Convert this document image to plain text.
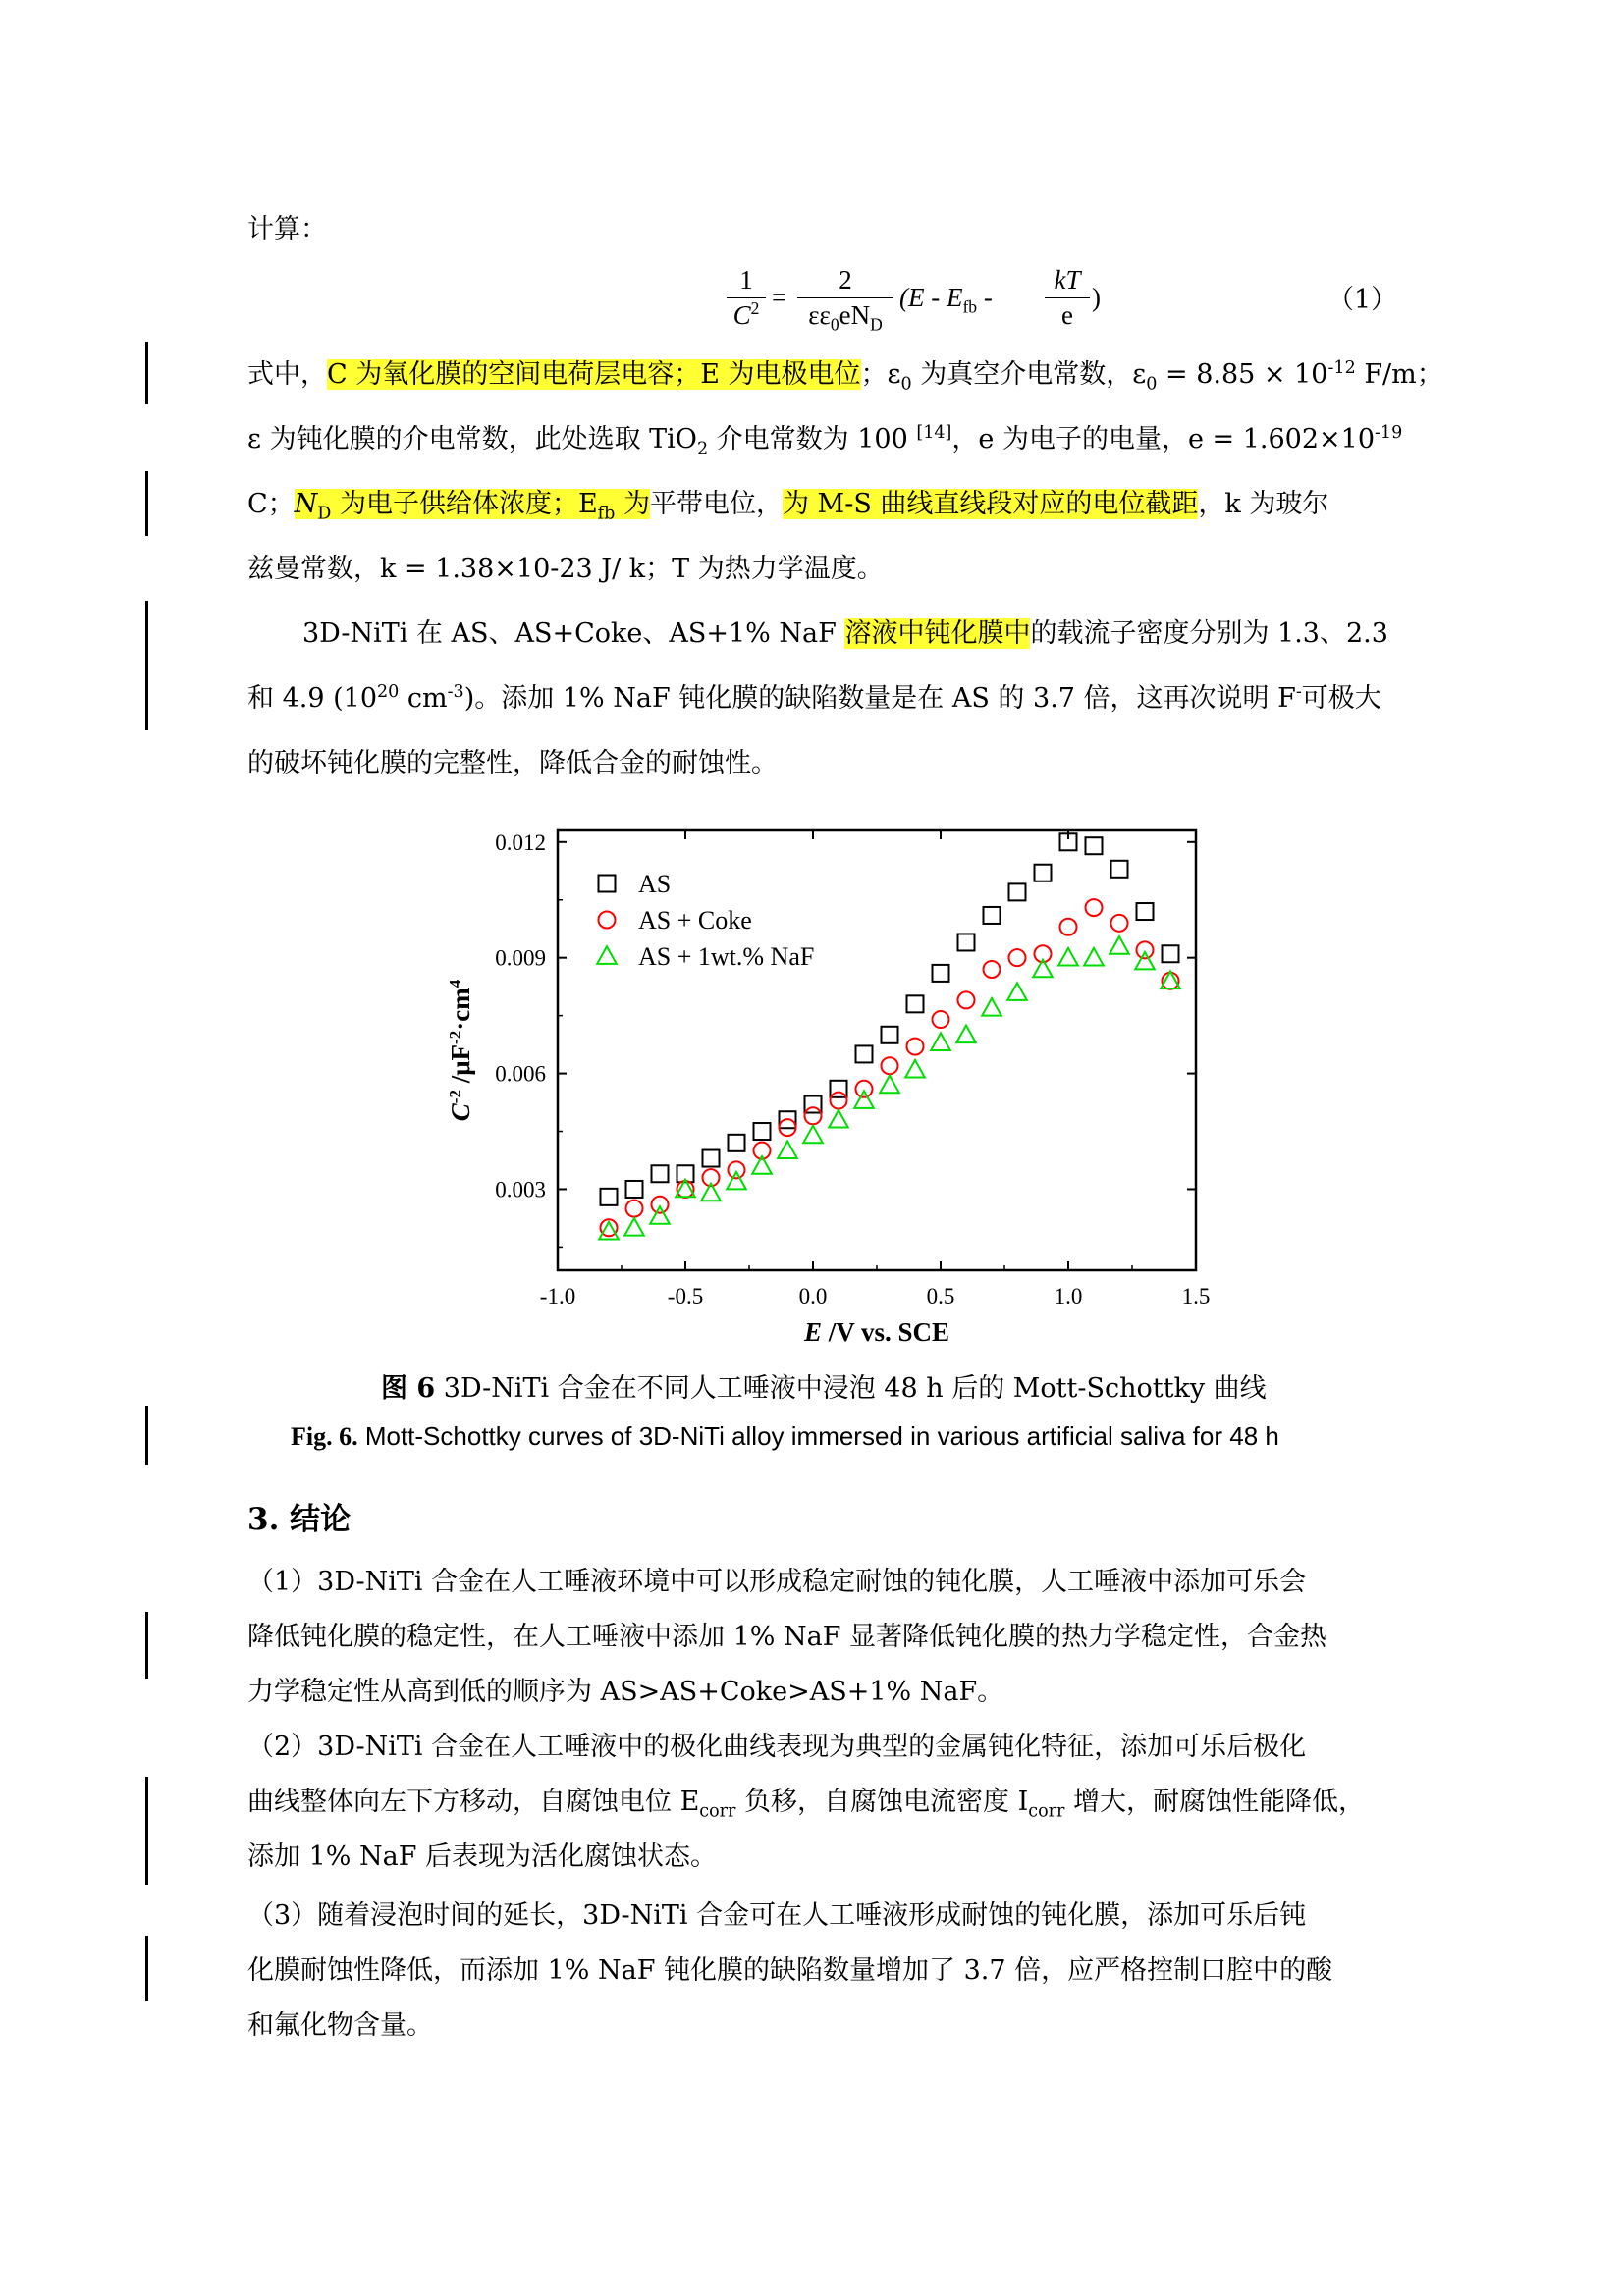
计算：
1
$C^2$ =
2
$\varepsilon\varepsilon_0eN_D$
($E - E_{fb}$ -
kT
e
)	（1）
式中，C 为氧化膜的空间电荷层电容；E 为电极电位；$\varepsilon_0$ 为真空介电常数，$\varepsilon_0 = 8.85 \times 10^{-12}$ F/m；
ε 为钝化膜的介电常数，此处选取 TiO$_2$ 介电常数为 100 [14]，e 为电子的电量，$e = 1.602\times 10^{-19}$
C；$N_D$ 为电子供给体浓度；$E_{fb}$ 为平带电位，为 M-S 曲线直线段对应的电位截距，k 为玻尔
兹曼常数，k = 1.38×10-23 J/ k；T 为热力学温度。
3D-NiTi 在 AS、AS+Coke、AS+1% NaF 溶液中钝化膜中的载流子密度分别为 1.3、2.3
和 4.9 ($10^{20}$ $cm^{-3}$)。添加 1% NaF 钝化膜的缺陷数量是在 AS 的 3.7 倍，这再次说明 F-可极大
的破坏钝化膜的完整性，降低合金的耐蚀性。
-1.0	-0.5	0.0	0.5	1.0	1.5
0.003
0.006
0.009
0.012
AS
AS + Coke
AS + 1wt.% NaF
E /V vs. SCE
$C^{-2}$ $/\mu F^{-2}\cdot cm^4$
图 6 3D-NiTi 合金在不同人工唾液中浸泡 48 h 后的 Mott-Schottky 曲线
Fig. 6. Mott-Schottky curves of 3D-NiTi alloy immersed in various artificial saliva for 48 h
3. 结论
（1）3D-NiTi 合金在人工唾液环境中可以形成稳定耐蚀的钝化膜，人工唾液中添加可乐会
降低钝化膜的稳定性，在人工唾液中添加 1% NaF 显著降低钝化膜的热力学稳定性，合金热
力学稳定性从高到低的顺序为 AS>AS+Coke>AS+1% NaF。
（2）3D-NiTi 合金在人工唾液中的极化曲线表现为典型的金属钝化特征，添加可乐后极化
曲线整体向左下方移动，自腐蚀电位 $E_{corr}$ 负移，自腐蚀电流密度 $I_{corr}$ 增大，耐腐蚀性能降低，
添加 1% NaF 后表现为活化腐蚀状态。
（3）随着浸泡时间的延长，3D-NiTi 合金可在人工唾液形成耐蚀的钝化膜，添加可乐后钝
化膜耐蚀性降低，而添加 1% NaF 钝化膜的缺陷数量增加了 3.7 倍，应严格控制口腔中的酸
和氟化物含量。
